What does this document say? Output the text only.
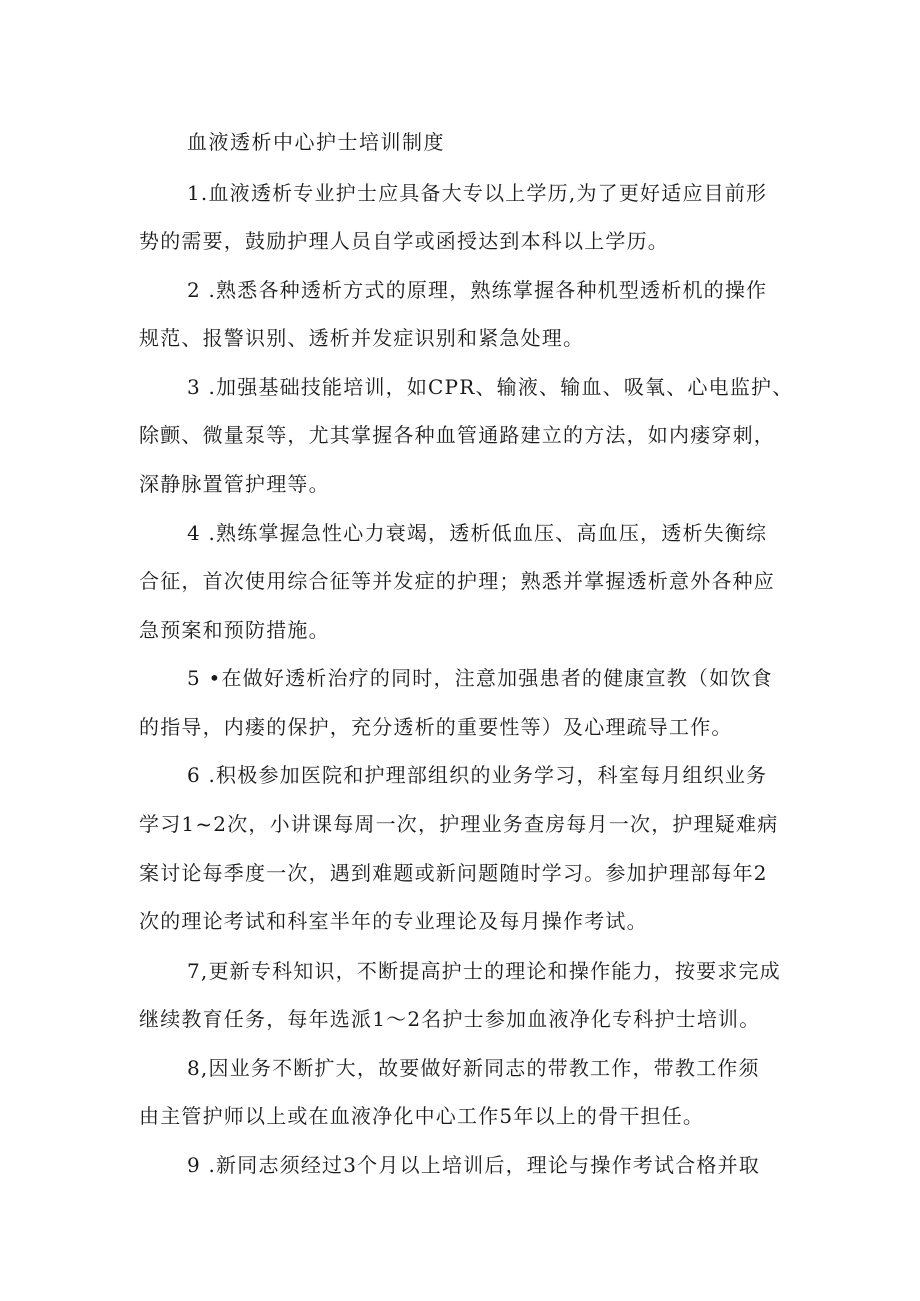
血液透析中心护士培训制度
1.血液透析专业护士应具备大专以上学历,为了更好适应目前形
势的需要，鼓励护理人员自学或函授达到本科以上学历。
2 .熟悉各种透析方式的原理，熟练掌握各种机型透析机的操作
规范、报警识别、透析并发症识别和紧急处理。
3 .加强基础技能培训，如CPR、输液、输血、吸氧、心电监护、
除颤、微量泵等，尤其掌握各种血管通路建立的方法，如内瘘穿刺，
深静脉置管护理等。
4 .熟练掌握急性心力衰竭，透析低血压、高血压，透析失衡综
合征，首次使用综合征等并发症的护理；熟悉并掌握透析意外各种应
急预案和预防措施。
5 •在做好透析治疗的同时，注意加强患者的健康宣教（如饮食
的指导，内瘘的保护，充分透析的重要性等）及心理疏导工作。
6 .积极参加医院和护理部组织的业务学习，科室每月组织业务
学习1~2次，小讲课每周一次，护理业务查房每月一次，护理疑难病
案讨论每季度一次，遇到难题或新问题随时学习。参加护理部每年2
次的理论考试和科室半年的专业理论及每月操作考试。
7,更新专科知识，不断提高护士的理论和操作能力，按要求完成
继续教育任务，每年选派1〜2名护士参加血液净化专科护士培训。
8,因业务不断扩大，故要做好新同志的带教工作，带教工作须
由主管护师以上或在血液净化中心工作5年以上的骨干担任。
9 .新同志须经过3个月以上培训后，理论与操作考试合格并取
